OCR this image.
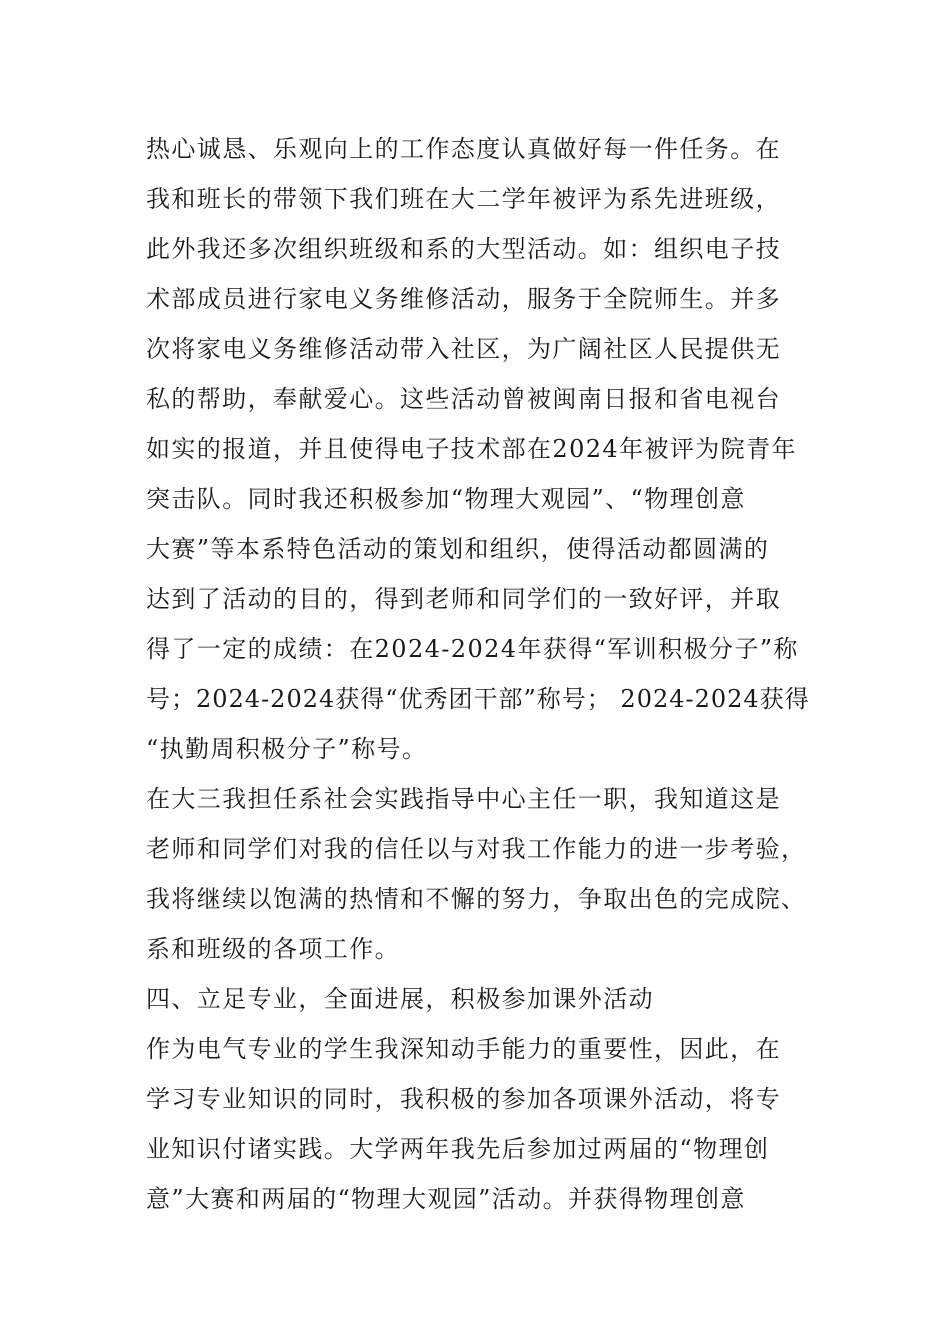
热心诚恳、乐观向上的工作态度认真做好每一件任务。在

我和班长的带领下我们班在大二学年被评为系先进班级，

此外我还多次组织班级和系的大型活动。如：组织电子技

术部成员进行家电义务维修活动，服务于全院师生。并多

次将家电义务维修活动带入社区，为广阔社区人民提供无

私的帮助，奉献爱心。这些活动曾被闽南日报和省电视台

如实的报道，并且使得电子技术部在2024年被评为院青年

突击队。同时我还积极参加“物理大观园”、“物理创意

大赛”等本系特色活动的策划和组织，使得活动都圆满的

达到了活动的目的，得到老师和同学们的一致好评，并取

得了一定的成绩：在2024-2024年获得“军训积极分子”称

号；2024-2024获得“优秀团干部”称号； 2024-2024获得

“执勤周积极分子”称号。

在大三我担任系社会实践指导中心主任一职，我知道这是

老师和同学们对我的信任以与对我工作能力的进一步考验，

我将继续以饱满的热情和不懈的努力，争取出色的完成院、

系和班级的各项工作。

四、立足专业，全面进展，积极参加课外活动

作为电气专业的学生我深知动手能力的重要性，因此，在

学习专业知识的同时，我积极的参加各项课外活动，将专

业知识付诸实践。大学两年我先后参加过两届的“物理创

意”大赛和两届的“物理大观园”活动。并获得物理创意
